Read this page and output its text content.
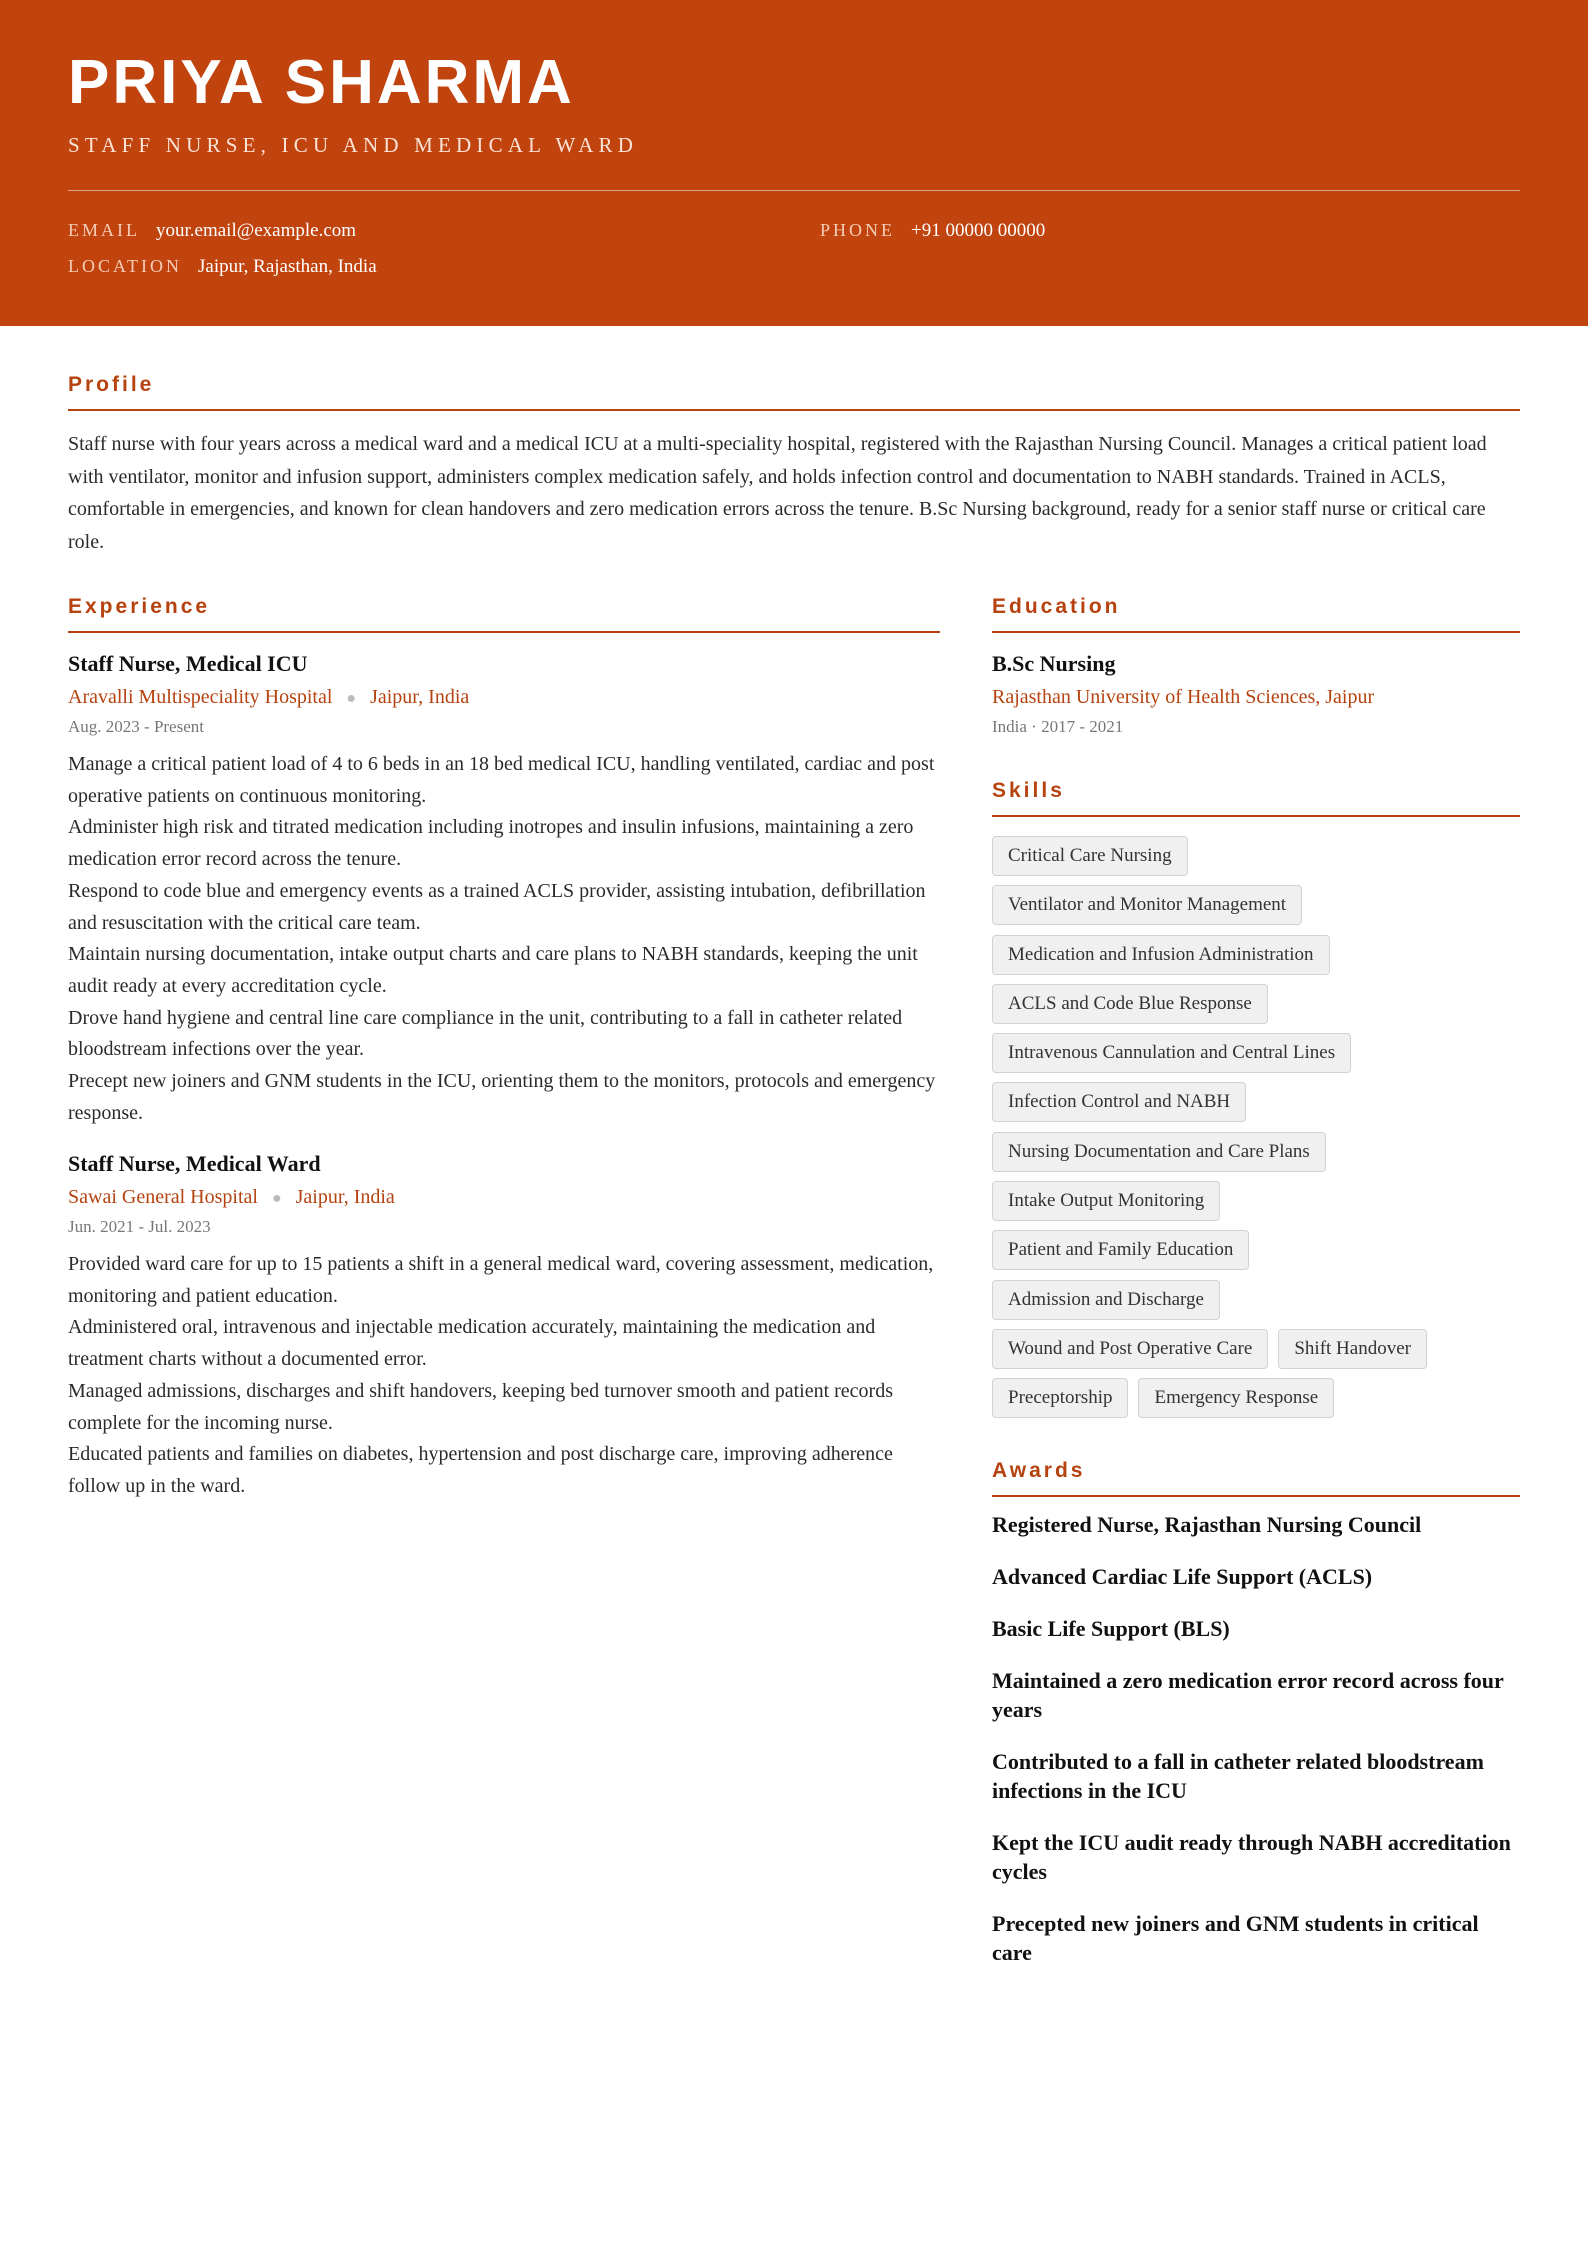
PRIYA SHARMA
STAFF NURSE, ICU AND MEDICAL WARD
EMAIL your.email@example.com	PHONE +91 00000 00000
LOCATION Jaipur, Rajasthan, India
Profile
Staff nurse with four years across a medical ward and a medical ICU at a multi-speciality hospital, registered with the Rajasthan Nursing Council. Manages a critical patient load with ventilator, monitor and infusion support, administers complex medication safely, and holds infection control and documentation to NABH standards. Trained in ACLS, comfortable in emergencies, and known for clean handovers and zero medication errors across the tenure. B.Sc Nursing background, ready for a senior staff nurse or critical care role.
Experience
Staff Nurse, Medical ICU
Aravalli Multispeciality Hospital ● Jaipur, India
Aug. 2023 - Present
Manage a critical patient load of 4 to 6 beds in an 18 bed medical ICU, handling ventilated, cardiac and post operative patients on continuous monitoring.
Administer high risk and titrated medication including inotropes and insulin infusions, maintaining a zero medication error record across the tenure.
Respond to code blue and emergency events as a trained ACLS provider, assisting intubation, defibrillation and resuscitation with the critical care team.
Maintain nursing documentation, intake output charts and care plans to NABH standards, keeping the unit audit ready at every accreditation cycle.
Drove hand hygiene and central line care compliance in the unit, contributing to a fall in catheter related bloodstream infections over the year.
Precept new joiners and GNM students in the ICU, orienting them to the monitors, protocols and emergency response.
Staff Nurse, Medical Ward
Sawai General Hospital ● Jaipur, India
Jun. 2021 - Jul. 2023
Provided ward care for up to 15 patients a shift in a general medical ward, covering assessment, medication, monitoring and patient education.
Administered oral, intravenous and injectable medication accurately, maintaining the medication and treatment charts without a documented error.
Managed admissions, discharges and shift handovers, keeping bed turnover smooth and patient records complete for the incoming nurse.
Educated patients and families on diabetes, hypertension and post discharge care, improving adherence follow up in the ward.
Education
B.Sc Nursing
Rajasthan University of Health Sciences, Jaipur
India · 2017 - 2021
Skills
Critical Care Nursing
Ventilator and Monitor Management
Medication and Infusion Administration
ACLS and Code Blue Response
Intravenous Cannulation and Central Lines
Infection Control and NABH
Nursing Documentation and Care Plans
Intake Output Monitoring
Patient and Family Education
Admission and Discharge
Wound and Post Operative Care	Shift Handover
Preceptorship	Emergency Response
Awards
Registered Nurse, Rajasthan Nursing Council
Advanced Cardiac Life Support (ACLS)
Basic Life Support (BLS)
Maintained a zero medication error record across four years
Contributed to a fall in catheter related bloodstream infections in the ICU
Kept the ICU audit ready through NABH accreditation cycles
Precepted new joiners and GNM students in critical care
